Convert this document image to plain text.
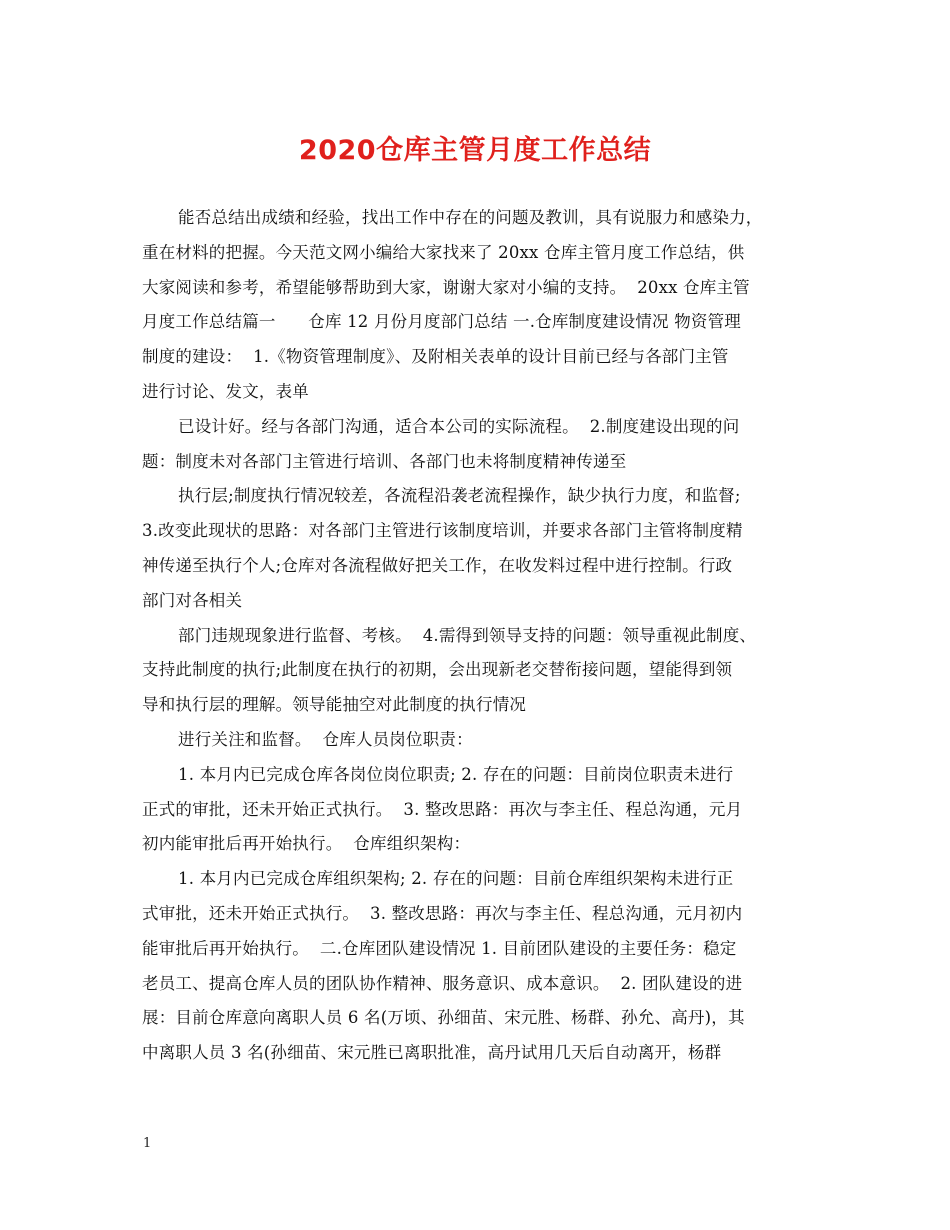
2020仓库主管月度工作总结
能否总结出成绩和经验，找出工作中存在的问题及教训，具有说服力和感染力，
重在材料的把握。今天范文网小编给大家找来了 20xx 仓库主管月度工作总结，供
大家阅读和参考，希望能够帮助到大家，谢谢大家对小编的支持。  20xx 仓库主管
月度工作总结篇一      仓库 12 月份月度部门总结 一.仓库制度建设情况 物资管理
制度的建设：  1.《物资管理制度》、及附相关表单的设计目前已经与各部门主管
进行讨论、发文，表单
已设计好。经与各部门沟通，适合本公司的实际流程。  2.制度建设出现的问
题：制度未对各部门主管进行培训、各部门也未将制度精神传递至
执行层;制度执行情况较差，各流程沿袭老流程操作，缺少执行力度，和监督;
3.改变此现状的思路：对各部门主管进行该制度培训，并要求各部门主管将制度精
神传递至执行个人;仓库对各流程做好把关工作，在收发料过程中进行控制。行政
部门对各相关
部门违规现象进行监督、考核。  4.需得到领导支持的问题：领导重视此制度、
支持此制度的执行;此制度在执行的初期，会出现新老交替衔接问题，望能得到领
导和执行层的理解。领导能抽空对此制度的执行情况
进行关注和监督。  仓库人员岗位职责：
1. 本月内已完成仓库各岗位岗位职责; 2. 存在的问题：目前岗位职责未进行
正式的审批，还未开始正式执行。  3. 整改思路：再次与李主任、程总沟通，元月
初内能审批后再开始执行。  仓库组织架构：
1. 本月内已完成仓库组织架构; 2. 存在的问题：目前仓库组织架构未进行正
式审批，还未开始正式执行。  3. 整改思路：再次与李主任、程总沟通，元月初内
能审批后再开始执行。  二.仓库团队建设情况 1. 目前团队建设的主要任务：稳定
老员工、提高仓库人员的团队协作精神、服务意识、成本意识。  2. 团队建设的进
展：目前仓库意向离职人员 6 名(万顷、孙细苗、宋元胜、杨群、孙允、高丹)，其
中离职人员 3 名(孙细苗、宋元胜已离职批准，高丹试用几天后自动离开，杨群
1
